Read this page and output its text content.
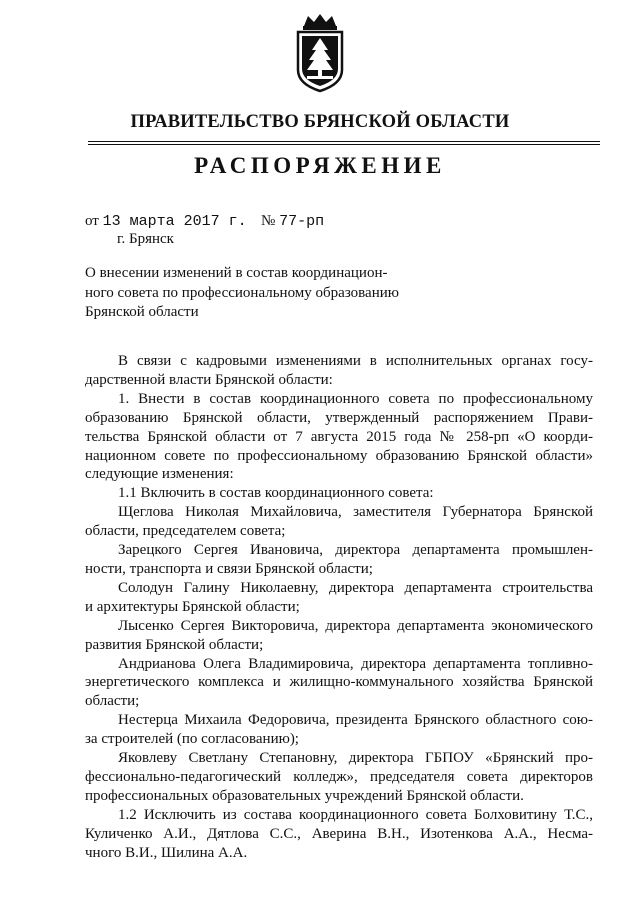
ПРАВИТЕЛЬСТВО БРЯНСКОЙ ОБЛАСТИ
РАСПОРЯЖЕНИЕ
от 13 марта 2017 г. № 77-рп
г. Брянск
О внесении изменений в состав координацион-
ного совета по профессиональному образованию
Брянской области
В связи с кадровыми изменениями в исполнительных органах госу-
дарственной власти Брянской области:
1. Внести в состав координационного совета по профессиональному
образованию Брянской области, утвержденный распоряжением Прави-
тельства Брянской области от 7 августа 2015 года № 258-рп «О коорди-
национном совете по профессиональному образованию Брянской области»
следующие изменения:
1.1 Включить в состав координационного совета:
Щеглова Николая Михайловича, заместителя Губернатора Брянской
области, председателем совета;
Зарецкого Сергея Ивановича, директора департамента промышлен-
ности, транспорта и связи Брянской области;
Солодун Галину Николаевну, директора департамента строительства
и архитектуры Брянской области;
Лысенко Сергея Викторовича, директора департамента экономического
развития Брянской области;
Андрианова Олега Владимировича, директора департамента топливно-
энергетического комплекса и жилищно-коммунального хозяйства Брянской
области;
Нестерца Михаила Федоровича, президента Брянского областного сою-
за строителей (по согласованию);
Яковлеву Светлану Степановну, директора ГБПОУ «Брянский про-
фессионально-педагогический колледж», председателя совета директоров
профессиональных образовательных учреждений Брянской области.
1.2 Исключить из состава координационного совета Болховитину Т.С.,
Куличенко А.И., Дятлова С.С., Аверина В.Н., Изотенкова А.А., Несма-
чного В.И., Шилина А.А.
